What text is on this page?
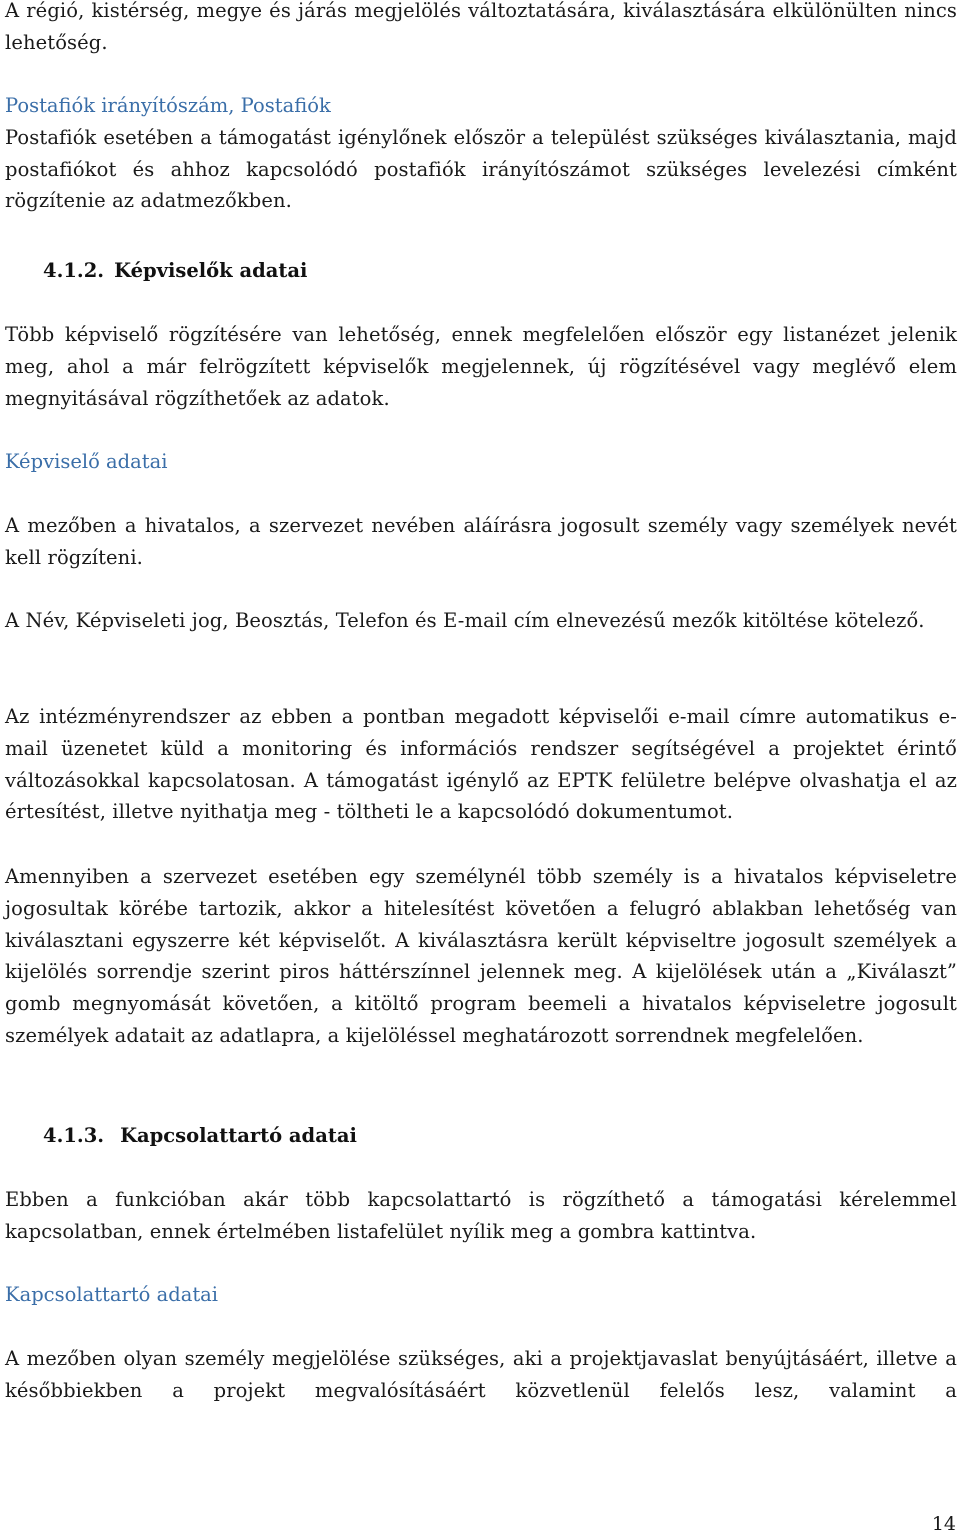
A régió, kistérség, megye és járás megjelölés változtatására, kiválasztására elkülönülten nincs lehetőség.

Postafiók irányítószám, Postafiók

Postafiók esetében a támogatást igénylőnek először a települést szükséges kiválasztania, majd postafiókot és ahhoz kapcsolódó postafiók irányítószámot szükséges levelezési címként rögzítenie az adatmezőkben.

4.1.2. Képviselők adatai

Több képviselő rögzítésére van lehetőség, ennek megfelelően először egy listanézet jelenik meg, ahol a már felrögzített képviselők megjelennek, új rögzítésével vagy meglévő elem megnyitásával rögzíthetőek az adatok.

Képviselő adatai

A mezőben a hivatalos, a szervezet nevében aláírásra jogosult személy vagy személyek nevét kell rögzíteni.

A Név, Képviseleti jog, Beosztás, Telefon és E-mail cím elnevezésű mezők kitöltése kötelező.

Az intézményrendszer az ebben a pontban megadott képviselői e-mail címre automatikus e-mail üzenetet küld a monitoring és információs rendszer segítségével a projektet érintő változásokkal kapcsolatosan. A támogatást igénylő az EPTK felületre belépve olvashatja el az értesítést, illetve nyithatja meg - töltheti le a kapcsolódó dokumentumot.

Amennyiben a szervezet esetében egy személynél több személy is a hivatalos képviseletre jogosultak körébe tartozik, akkor a hitelesítést követően a felugró ablakban lehetőség van kiválasztani egyszerre két képviselőt. A kiválasztásra került képviseltre jogosult személyek a kijelölés sorrendje szerint piros háttérszínnel jelennek meg. A kijelölések után a „Kiválaszt” gomb megnyomását követően, a kitöltő program beemeli a hivatalos képviseletre jogosult személyek adatait az adatlapra, a kijelöléssel meghatározott sorrendnek megfelelően.

4.1.3. Kapcsolattartó adatai

Ebben a funkcióban akár több kapcsolattartó is rögzíthető a támogatási kérelemmel kapcsolatban, ennek értelmében listafelület nyílik meg a gombra kattintva.

Kapcsolattartó adatai

A mezőben olyan személy megjelölése szükséges, aki a projektjavaslat benyújtásáért, illetve a későbbiekben a projekt megvalósításáért közvetlenül felelős lesz, valamint a

14
